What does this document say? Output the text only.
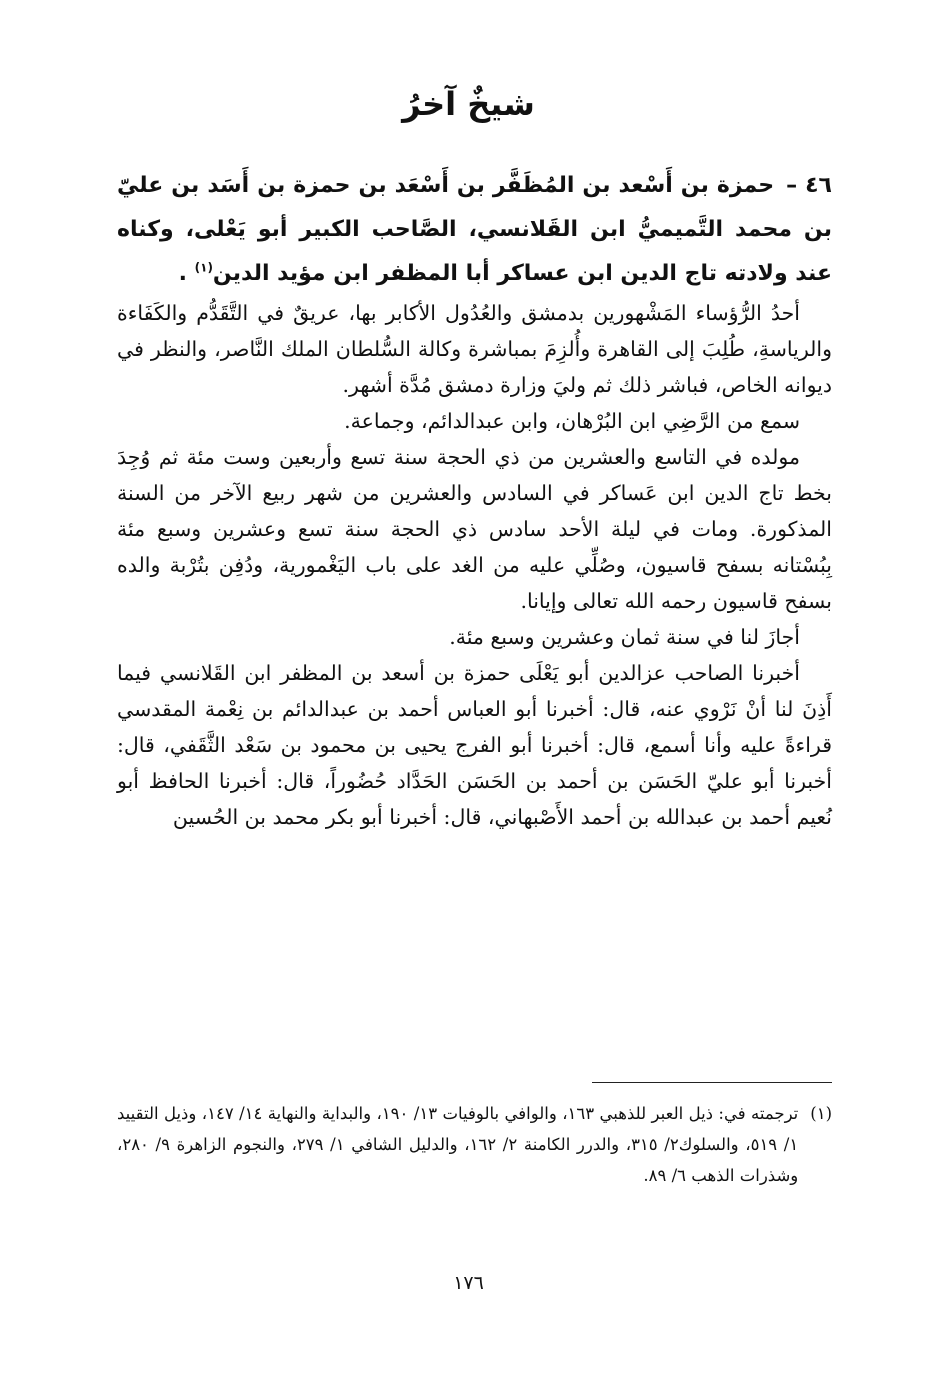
شيخٌ آخرُ
٤٦ – حمزة بن أَسْعد بن المُظَفَّر بن أَسْعَد بن حمزة بن أَسَد بن عليّ بن محمد التَّميميُّ ابن القَلانسي، الصَّاحب الكبير أبو يَعْلى، وكناه عند ولادته تاج الدين ابن عساكر أبا المظفر ابن مؤيد الدين$^{(١)}$ .

أحدُ الرُّؤساء المَشْهورين بدمشق والعُدُول الأكابر بها، عريقٌ في التَّقَدُّم والكَفَاءة والرياسةِ، طُلِبَ إلى القاهرة وأُلزِمَ بمباشرة وكالة السُّلطان الملك النَّاصر، والنظر في ديوانه الخاص، فباشر ذلك ثم وليَ وزارة دمشق مُدَّة أشهر.

سمع من الرَّضِي ابن البُرْهان، وابن عبدالدائم، وجماعة.

مولده في التاسع والعشرين من ذي الحجة سنة تسع وأربعين وست مئة ثم وُجِدَ بخط تاج الدين ابن عَساكر في السادس والعشرين من شهر ربيع الآخر من السنة المذكورة. ومات في ليلة الأحد سادس ذي الحجة سنة تسع وعشرين وسبع مئة بِبُسْتانه بسفح قاسيون، وصُلِّي عليه من الغد على باب اليَغْمورية، ودُفِن بتُرْبة والده بسفح قاسيون رحمه الله تعالى وإيانا.

أجازَ لنا في سنة ثمان وعشرين وسبع مئة.

أخبرنا الصاحب عزالدين أبو يَعْلَى حمزة بن أسعد بن المظفر ابن القَلانسي فيما أَذِنَ لنا أنْ نَرْوي عنه، قال: أخبرنا أبو العباس أحمد بن عبدالدائم بن نِعْمة المقدسي قراءةً عليه وأنا أسمع، قال: أخبرنا أبو الفرج يحيى بن محمود بن سَعْد الثَّقَفي، قال: أخبرنا أبو عليّ الحَسَن بن أحمد بن الحَسَن الحَدَّاد حُضُوراً، قال: أخبرنا الحافظ أبو نُعيم أحمد بن عبدالله بن أحمد الأَصْبهاني، قال: أخبرنا أبو بكر محمد بن الحُسين

(١)
ترجمته في: ذيل العبر للذهبي ١٦٣، والوافي بالوفيات ١٣/ ١٩٠، والبداية والنهاية ١٤/ ١٤٧، وذيل التقييد ١/ ٥١٩، والسلوك٢/ ٣١٥، والدرر الكامنة ٢/ ١٦٢، والدليل الشافي ١/ ٢٧٩، والنجوم الزاهرة ٩/ ٢٨٠، وشذرات الذهب ٦/ ٨٩.
١٧٦
